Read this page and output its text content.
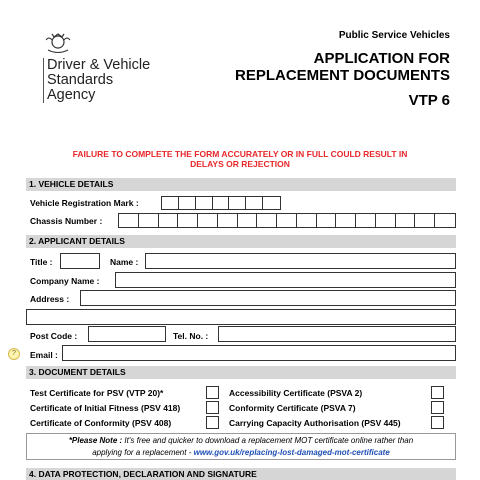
Driver & Vehicle
Standards
Agency
Public Service Vehicles
APPLICATION FOR
REPLACEMENT DOCUMENTS
VTP 6
FAILURE TO COMPLETE THE FORM ACCURATELY OR IN FULL COULD RESULT IN
DELAYS OR REJECTION
1. VEHICLE DETAILS
Vehicle Registration Mark :
Chassis Number :
2. APPLICANT DETAILS
Title :	Name :
Company Name :
Address :
Post Code :	Tel. No. :
?	Email :
3. DOCUMENT DETAILS
Test Certificate for PSV (VTP 20)*	Accessibility Certificate (PSVA 2)
Certificate of Initial Fitness (PSV 418)	Conformity Certificate (PSVA 7)
Certificate of Conformity (PSV 408)	Carrying Capacity Authorisation (PSV 445)
*Please Note : It's free and quicker to download a replacement MOT certificate online rather than
applying for a replacement - www.gov.uk/replacing-lost-damaged-mot-certificate
4. DATA PROTECTION, DECLARATION AND SIGNATURE
